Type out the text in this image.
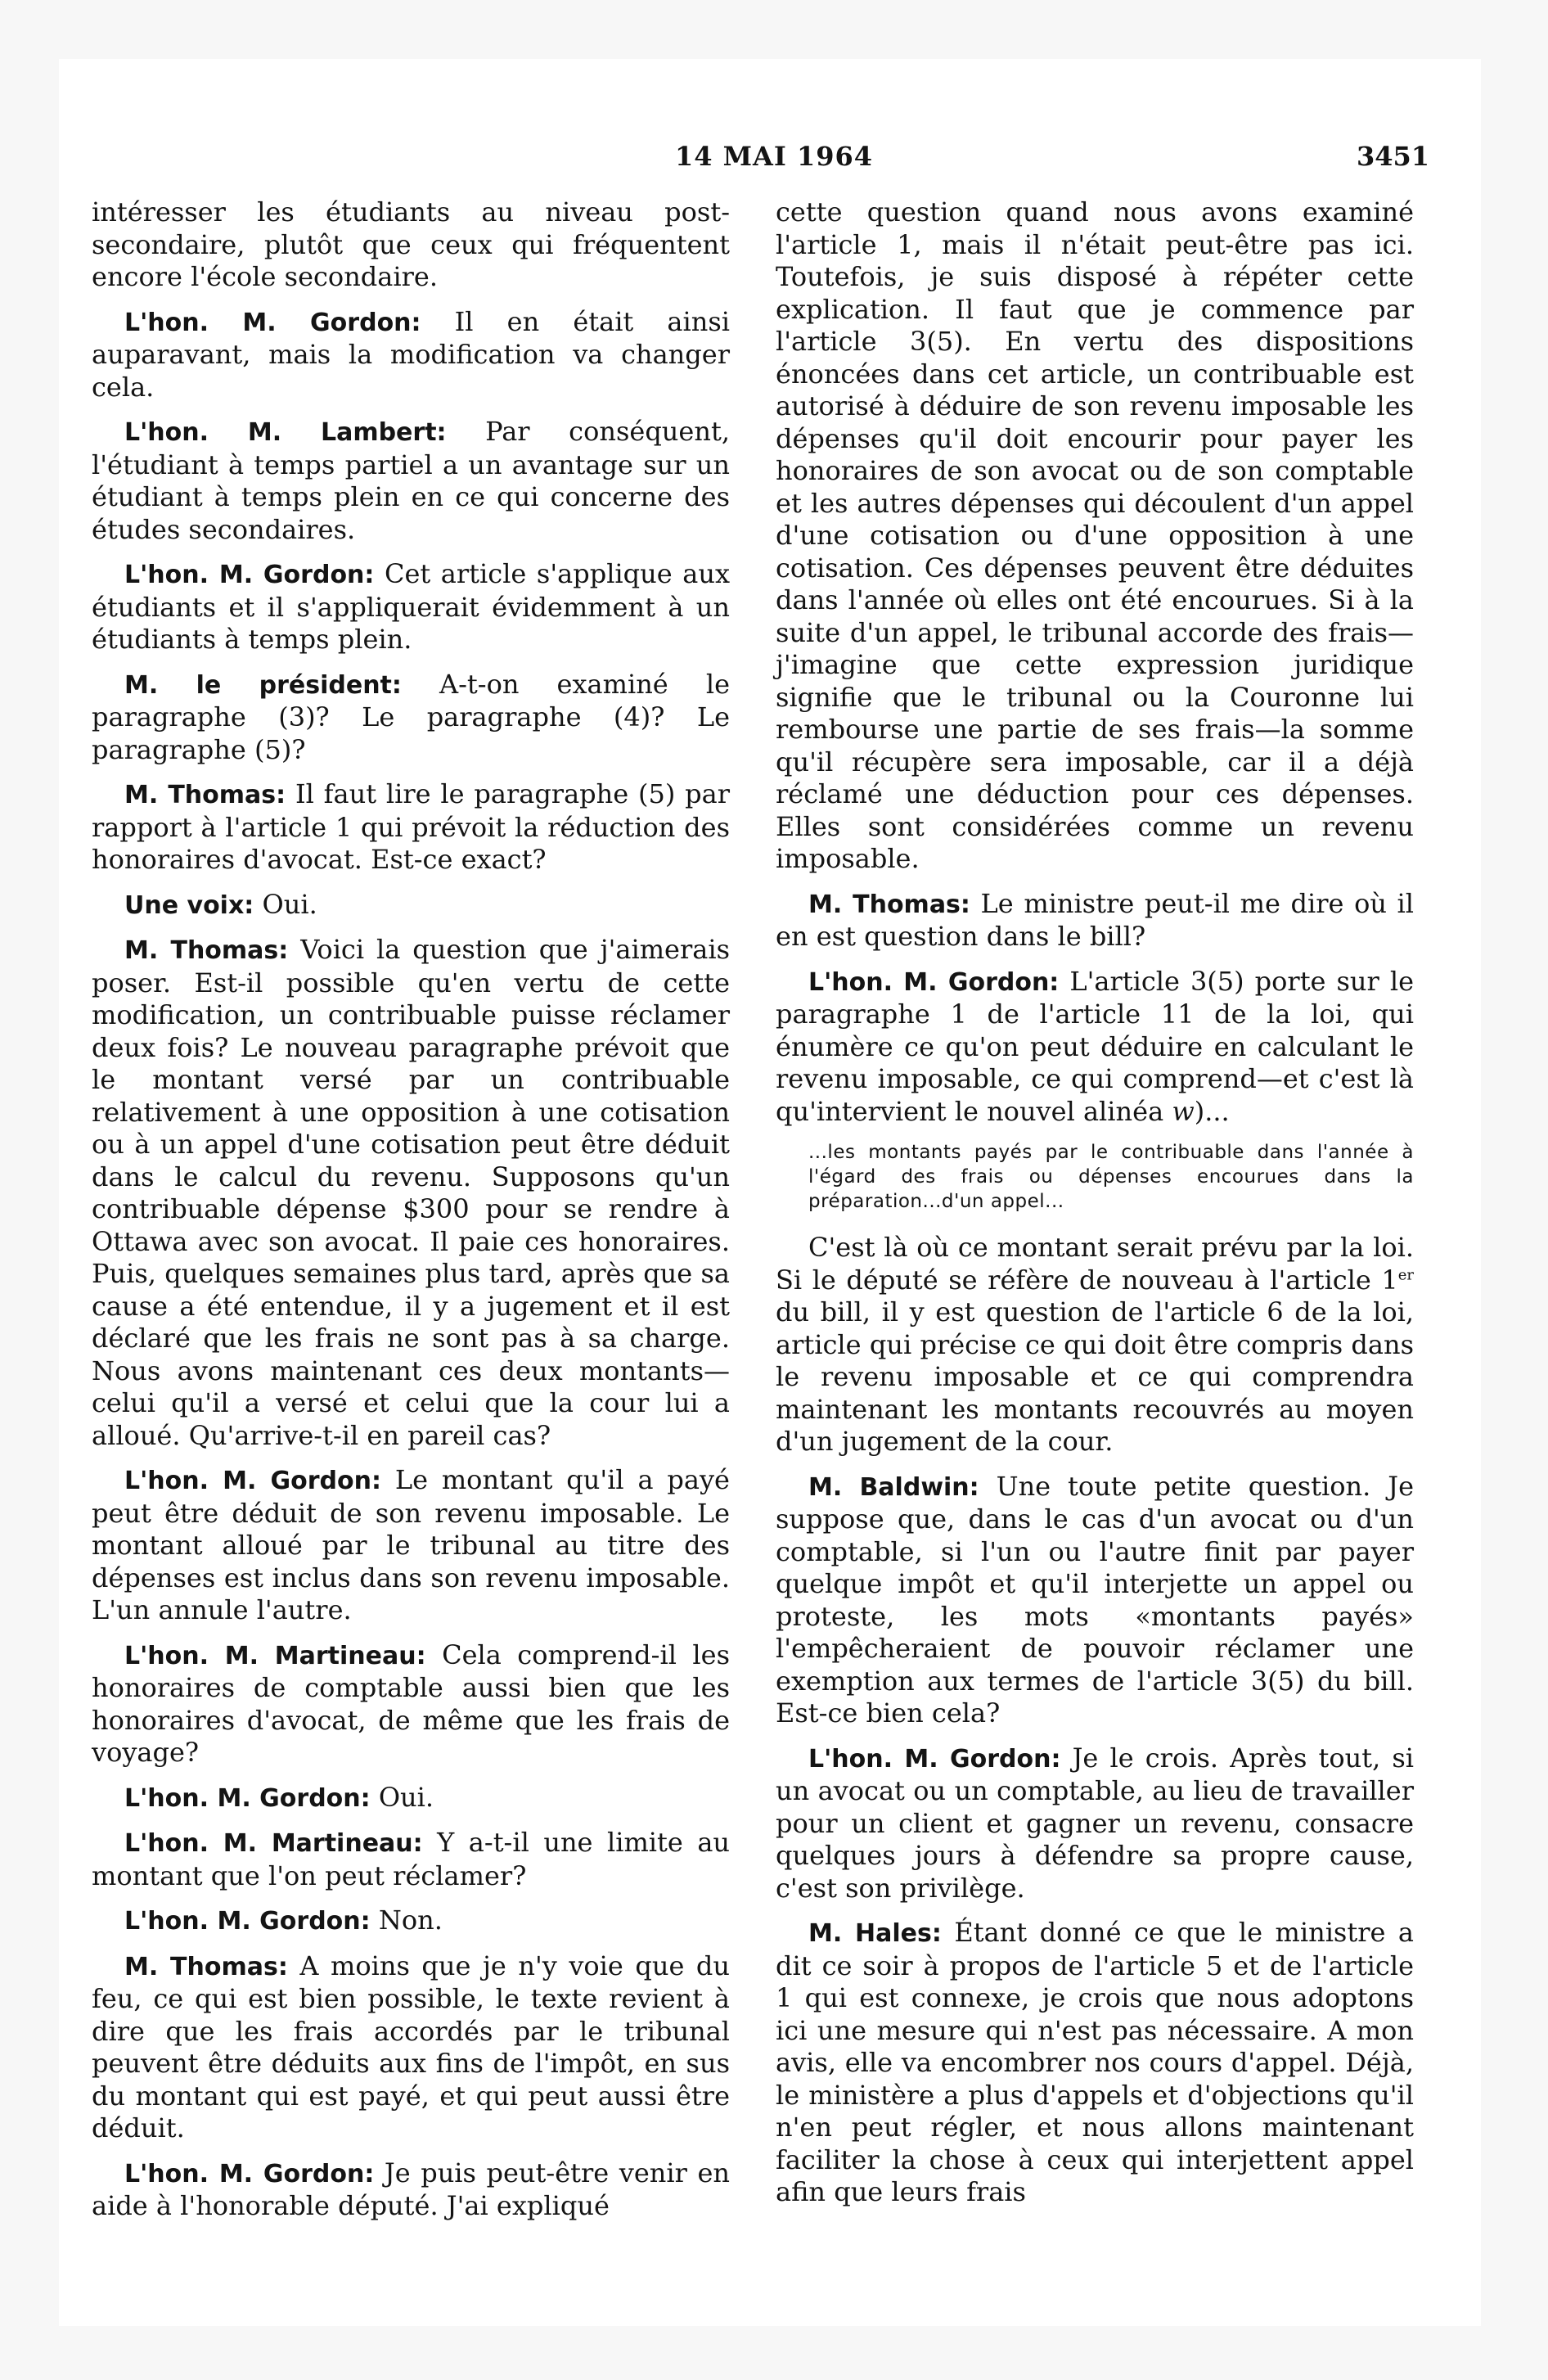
14 MAI 1964	3451

intéresser les étudiants au niveau post-secondaire, plutôt que ceux qui fréquentent encore l'école secondaire.

L'hon. M. Gordon: Il en était ainsi auparavant, mais la modification va changer cela.

L'hon. M. Lambert: Par conséquent, l'étudiant à temps partiel a un avantage sur un étudiant à temps plein en ce qui concerne des études secondaires.

L'hon. M. Gordon: Cet article s'applique aux étudiants et il s'appliquerait évidemment à un étudiants à temps plein.

M. le président: A-t-on examiné le paragraphe (3)? Le paragraphe (4)? Le paragraphe (5)?

M. Thomas: Il faut lire le paragraphe (5) par rapport à l'article 1 qui prévoit la réduction des honoraires d'avocat. Est-ce exact?

Une voix: Oui.

M. Thomas: Voici la question que j'aimerais poser. Est-il possible qu'en vertu de cette modification, un contribuable puisse réclamer deux fois? Le nouveau paragraphe prévoit que le montant versé par un contribuable relativement à une opposition à une cotisation ou à un appel d'une cotisation peut être déduit dans le calcul du revenu. Supposons qu'un contribuable dépense $300 pour se rendre à Ottawa avec son avocat. Il paie ces honoraires. Puis, quelques semaines plus tard, après que sa cause a été entendue, il y a jugement et il est déclaré que les frais ne sont pas à sa charge. Nous avons maintenant ces deux montants—celui qu'il a versé et celui que la cour lui a alloué. Qu'arrive-t-il en pareil cas?

L'hon. M. Gordon: Le montant qu'il a payé peut être déduit de son revenu imposable. Le montant alloué par le tribunal au titre des dépenses est inclus dans son revenu imposable. L'un annule l'autre.

L'hon. M. Martineau: Cela comprend-il les honoraires de comptable aussi bien que les honoraires d'avocat, de même que les frais de voyage?

L'hon. M. Gordon: Oui.

L'hon. M. Martineau: Y a-t-il une limite au montant que l'on peut réclamer?

L'hon. M. Gordon: Non.

M. Thomas: A moins que je n'y voie que du feu, ce qui est bien possible, le texte revient à dire que les frais accordés par le tribunal peuvent être déduits aux fins de l'impôt, en sus du montant qui est payé, et qui peut aussi être déduit.

L'hon. M. Gordon: Je puis peut-être venir en aide à l'honorable député. J'ai expliqué

cette question quand nous avons examiné l'article 1, mais il n'était peut-être pas ici. Toutefois, je suis disposé à répéter cette explication. Il faut que je commence par l'article 3(5). En vertu des dispositions énoncées dans cet article, un contribuable est autorisé à déduire de son revenu imposable les dépenses qu'il doit encourir pour payer les honoraires de son avocat ou de son comptable et les autres dépenses qui découlent d'un appel d'une cotisation ou d'une opposition à une cotisation. Ces dépenses peuvent être déduites dans l'année où elles ont été encourues. Si à la suite d'un appel, le tribunal accorde des frais—j'imagine que cette expression juridique signifie que le tribunal ou la Couronne lui rembourse une partie de ses frais—la somme qu'il récupère sera imposable, car il a déjà réclamé une déduction pour ces dépenses. Elles sont considérées comme un revenu imposable.

M. Thomas: Le ministre peut-il me dire où il en est question dans le bill?

L'hon. M. Gordon: L'article 3(5) porte sur le paragraphe 1 de l'article 11 de la loi, qui énumère ce qu'on peut déduire en calculant le revenu imposable, ce qui comprend—et c'est là qu'intervient le nouvel alinéa w)...

...les montants payés par le contribuable dans l'année à l'égard des frais ou dépenses encourues dans la préparation...d'un appel...

C'est là où ce montant serait prévu par la loi. Si le député se réfère de nouveau à l'article 1er du bill, il y est question de l'article 6 de la loi, article qui précise ce qui doit être compris dans le revenu imposable et ce qui comprendra maintenant les montants recouvrés au moyen d'un jugement de la cour.

M. Baldwin: Une toute petite question. Je suppose que, dans le cas d'un avocat ou d'un comptable, si l'un ou l'autre finit par payer quelque impôt et qu'il interjette un appel ou proteste, les mots «montants payés» l'empêcheraient de pouvoir réclamer une exemption aux termes de l'article 3(5) du bill. Est-ce bien cela?

L'hon. M. Gordon: Je le crois. Après tout, si un avocat ou un comptable, au lieu de travailler pour un client et gagner un revenu, consacre quelques jours à défendre sa propre cause, c'est son privilège.

M. Hales: Étant donné ce que le ministre a dit ce soir à propos de l'article 5 et de l'article 1 qui est connexe, je crois que nous adoptons ici une mesure qui n'est pas nécessaire. A mon avis, elle va encombrer nos cours d'appel. Déjà, le ministère a plus d'appels et d'objections qu'il n'en peut régler, et nous allons maintenant faciliter la chose à ceux qui interjettent appel afin que leurs frais
